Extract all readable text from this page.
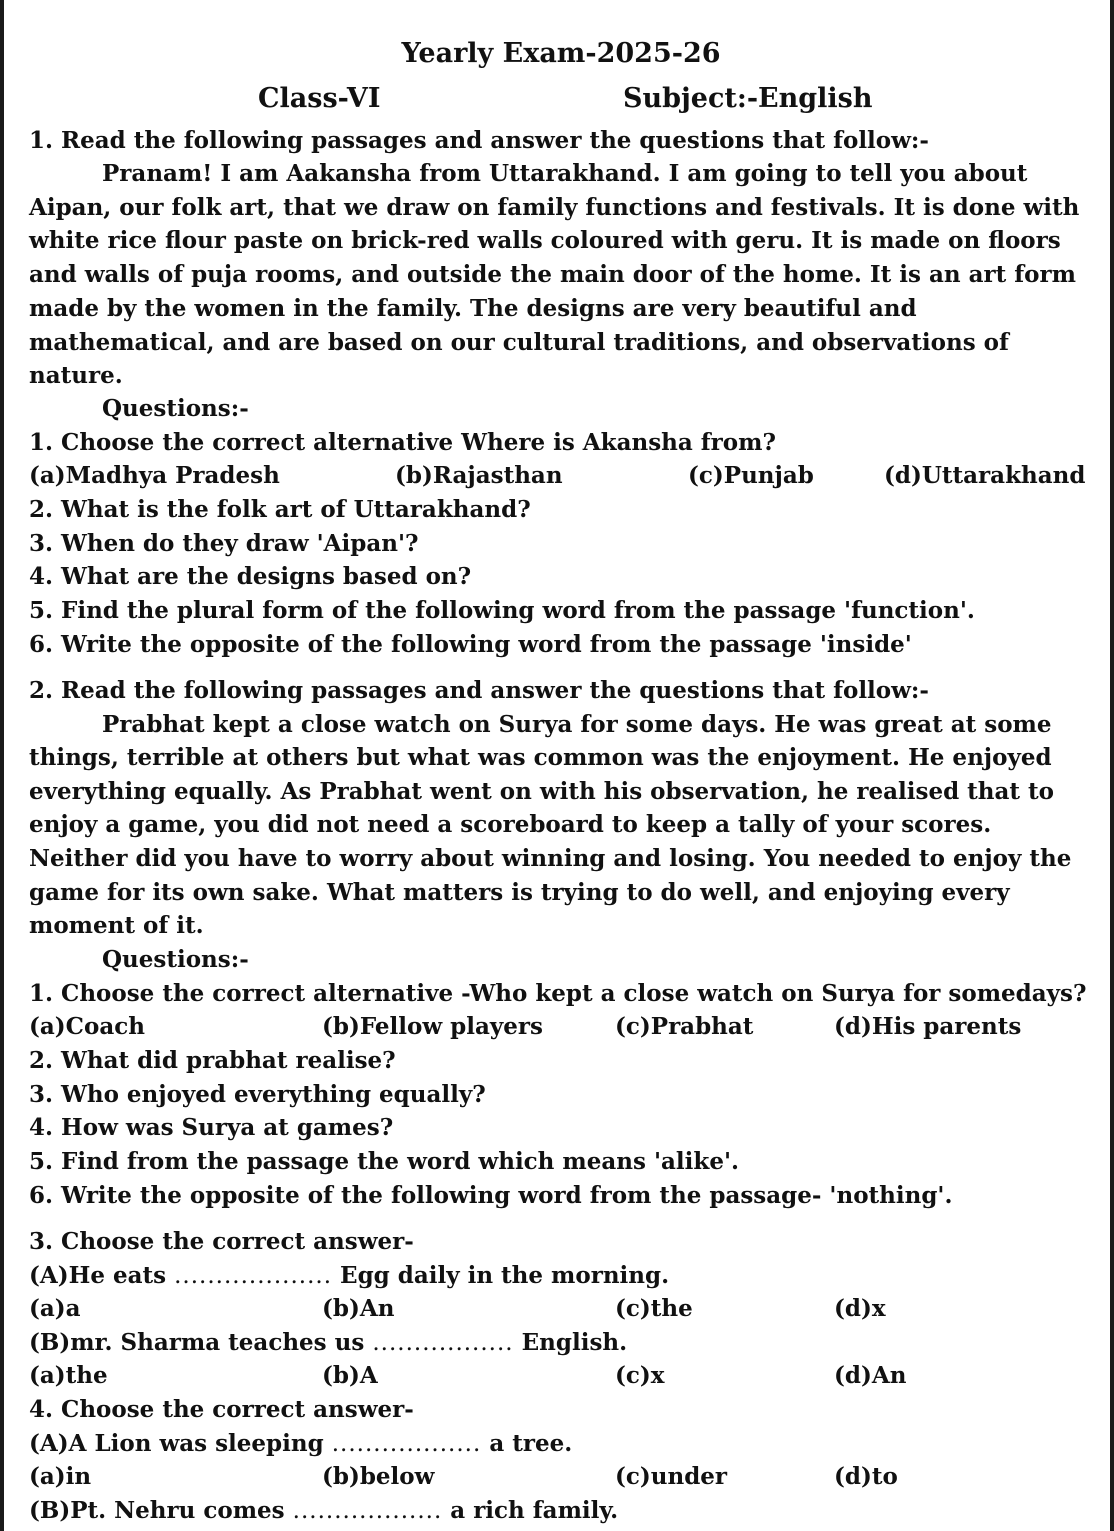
Yearly Exam-2025-26
Class-VI	Subject:-English
1. Read the following passages and answer the questions that follow:-
Pranam! I am Aakansha from Uttarakhand. I am going to tell you about
Aipan, our folk art, that we draw on family functions and festivals. It is done with
white rice flour paste on brick-red walls coloured with geru. It is made on floors
and walls of puja rooms, and outside the main door of the home. It is an art form
made by the women in the family. The designs are very beautiful and
mathematical, and are based on our cultural traditions, and observations of
nature.
Questions:-
1. Choose the correct alternative Where is Akansha from?
(a)Madhya Pradesh	(b)Rajasthan	(c)Punjab	(d)Uttarakhand
2. What is the folk art of Uttarakhand?
3. When do they draw 'Aipan'?
4. What are the designs based on?
5. Find the plural form of the following word from the passage 'function'.
6. Write the opposite of the following word from the passage 'inside'
2. Read the following passages and answer the questions that follow:-
Prabhat kept a close watch on Surya for some days. He was great at some
things, terrible at others but what was common was the enjoyment. He enjoyed
everything equally. As Prabhat went on with his observation, he realised that to
enjoy a game, you did not need a scoreboard to keep a tally of your scores.
Neither did you have to worry about winning and losing. You needed to enjoy the
game for its own sake. What matters is trying to do well, and enjoying every
moment of it.
Questions:-
1. Choose the correct alternative -Who kept a close watch on Surya for somedays?
(a)Coach	(b)Fellow players	(c)Prabhat	(d)His parents
2. What did prabhat realise?
3. Who enjoyed everything equally?
4. How was Surya at games?
5. Find from the passage the word which means 'alike'.
6. Write the opposite of the following word from the passage- 'nothing'.
3. Choose the correct answer-
(A)He eats ................... Egg daily in the morning.
(a)a	(b)An	(c)the	(d)x
(B)mr. Sharma teaches us ................. English.
(a)the	(b)A	(c)x	(d)An
4. Choose the correct answer-
(A)A Lion was sleeping .................. a tree.
(a)in	(b)below	(c)under	(d)to
(B)Pt. Nehru comes .................. a rich family.
